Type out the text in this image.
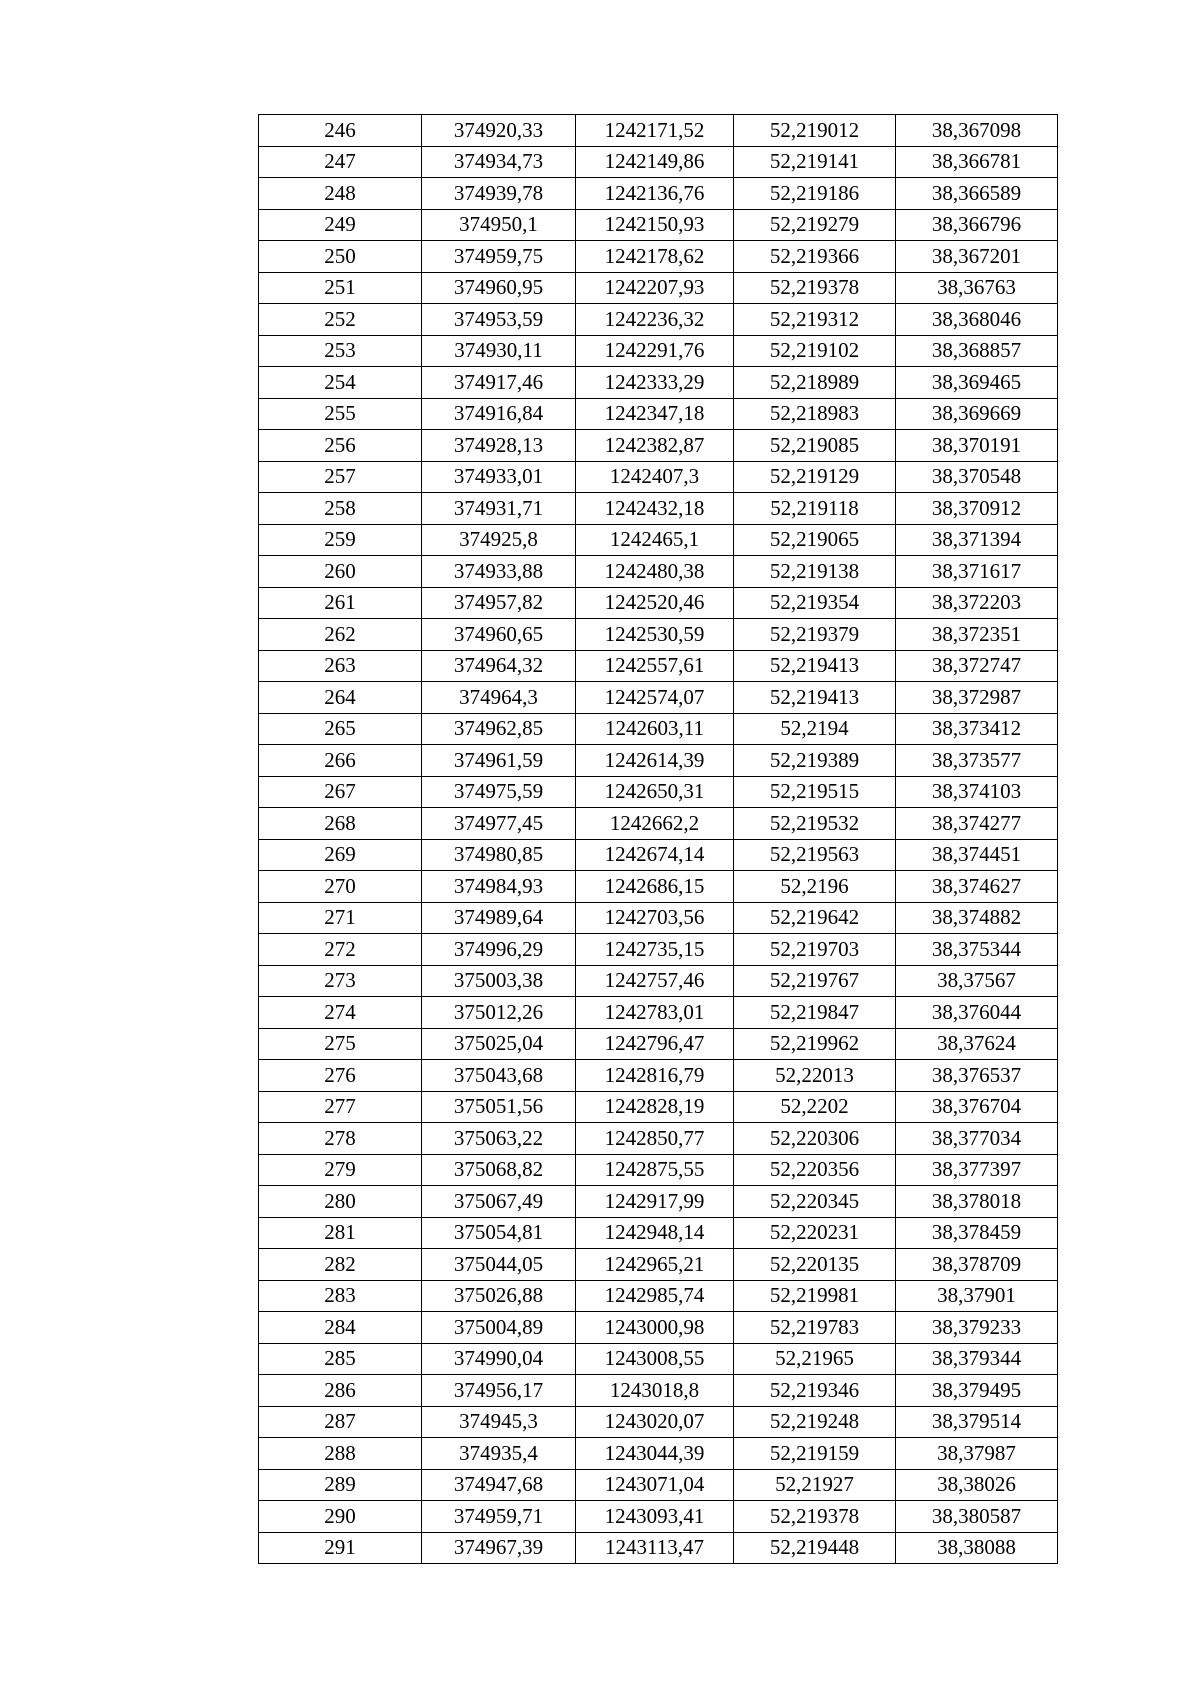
246	374920,33	1242171,52	52,219012	38,367098
247	374934,73	1242149,86	52,219141	38,366781
248	374939,78	1242136,76	52,219186	38,366589
249	374950,1	1242150,93	52,219279	38,366796
250	374959,75	1242178,62	52,219366	38,367201
251	374960,95	1242207,93	52,219378	38,36763
252	374953,59	1242236,32	52,219312	38,368046
253	374930,11	1242291,76	52,219102	38,368857
254	374917,46	1242333,29	52,218989	38,369465
255	374916,84	1242347,18	52,218983	38,369669
256	374928,13	1242382,87	52,219085	38,370191
257	374933,01	1242407,3	52,219129	38,370548
258	374931,71	1242432,18	52,219118	38,370912
259	374925,8	1242465,1	52,219065	38,371394
260	374933,88	1242480,38	52,219138	38,371617
261	374957,82	1242520,46	52,219354	38,372203
262	374960,65	1242530,59	52,219379	38,372351
263	374964,32	1242557,61	52,219413	38,372747
264	374964,3	1242574,07	52,219413	38,372987
265	374962,85	1242603,11	52,2194	38,373412
266	374961,59	1242614,39	52,219389	38,373577
267	374975,59	1242650,31	52,219515	38,374103
268	374977,45	1242662,2	52,219532	38,374277
269	374980,85	1242674,14	52,219563	38,374451
270	374984,93	1242686,15	52,2196	38,374627
271	374989,64	1242703,56	52,219642	38,374882
272	374996,29	1242735,15	52,219703	38,375344
273	375003,38	1242757,46	52,219767	38,37567
274	375012,26	1242783,01	52,219847	38,376044
275	375025,04	1242796,47	52,219962	38,37624
276	375043,68	1242816,79	52,22013	38,376537
277	375051,56	1242828,19	52,2202	38,376704
278	375063,22	1242850,77	52,220306	38,377034
279	375068,82	1242875,55	52,220356	38,377397
280	375067,49	1242917,99	52,220345	38,378018
281	375054,81	1242948,14	52,220231	38,378459
282	375044,05	1242965,21	52,220135	38,378709
283	375026,88	1242985,74	52,219981	38,37901
284	375004,89	1243000,98	52,219783	38,379233
285	374990,04	1243008,55	52,21965	38,379344
286	374956,17	1243018,8	52,219346	38,379495
287	374945,3	1243020,07	52,219248	38,379514
288	374935,4	1243044,39	52,219159	38,37987
289	374947,68	1243071,04	52,21927	38,38026
290	374959,71	1243093,41	52,219378	38,380587
291	374967,39	1243113,47	52,219448	38,38088
